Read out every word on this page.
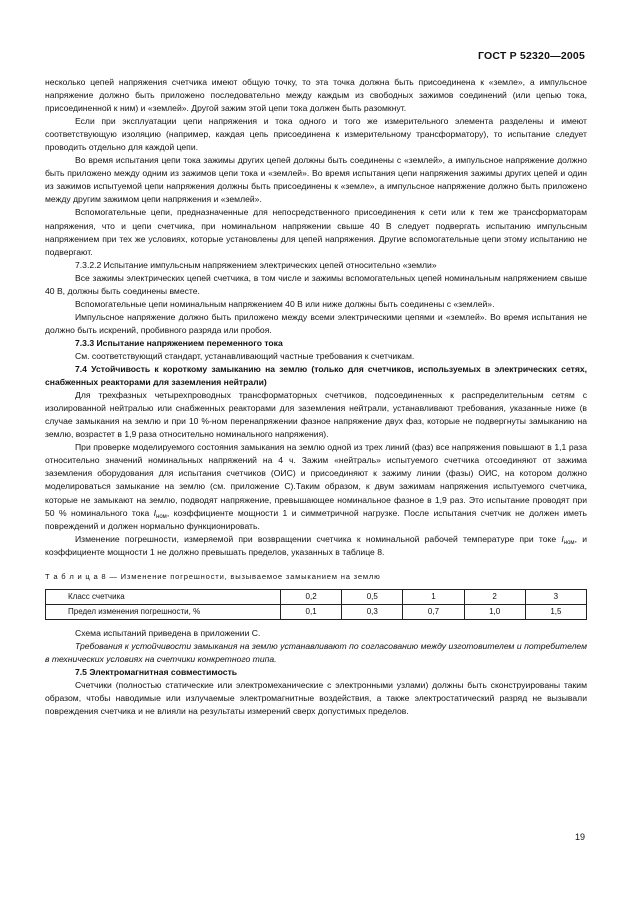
ГОСТ Р 52320—2005

несколько цепей напряжения счетчика имеют общую точку, то эта точка должна быть присоединена к «земле», а импульсное напряжение должно быть приложено последовательно между каждым из свободных зажимов соединений (или цепью тока, присоединенной к ним) и «землей». Другой зажим этой цепи тока должен быть разомкнут.

Если при эксплуатации цепи напряжения и тока одного и того же измерительного элемента разделены и имеют соответствующую изоляцию (например, каждая цепь присоединена к измерительному трансформатору), то испытание следует проводить отдельно для каждой цепи.

Во время испытания цепи тока зажимы других цепей должны быть соединены с «землей», а импульсное напряжение должно быть приложено между одним из зажимов цепи тока и «землей». Во время испытания цепи напряжения зажимы других цепей и один из зажимов испытуемой цепи напряжения должны быть присоединены к «земле», а импульсное напряжение должно быть приложено между другим зажимом цепи напряжения и «землей».

Вспомогательные цепи, предназначенные для непосредственного присоединения к сети или к тем же трансформаторам напряжения, что и цепи счетчика, при номинальном напряжении свыше 40 В следует подвергать испытанию импульсным напряжением при тех же условиях, которые установлены для цепей напряжения. Другие вспомогательные цепи этому испытанию не подвергают.

7.3.2.2 Испытание импульсным напряжением электрических цепей относительно «земли»

Все зажимы электрических цепей счетчика, в том числе и зажимы вспомогательных цепей номинальным напряжением свыше 40 В, должны быть соединены вместе.

Вспомогательные цепи номинальным напряжением 40 В или ниже должны быть соединены с «землей».

Импульсное напряжение должно быть приложено между всеми электрическими цепями и «землей». Во время испытания не должно быть искрений, пробивного разряда или пробоя.

7.3.3 Испытание напряжением переменного тока

См. соответствующий стандарт, устанавливающий частные требования к счетчикам.

7.4 Устойчивость к короткому замыканию на землю (только для счетчиков, используемых в электрических сетях, снабженных реакторами для заземления нейтрали)

Для трехфазных четырехпроводных трансформаторных счетчиков, подсоединенных к распределительным сетям с изолированной нейтралью или снабженных реакторами для заземления нейтрали, устанавливают требования, указанные ниже (в случае замыкания на землю и при 10 %-ном перенапряжении фазное напряжение двух фаз, которые не подвергнуты замыканию на землю, возрастет в 1,9 раза относительно номинального напряжения).

При проверке моделируемого состояния замыкания на землю одной из трех линий (фаз) все напряжения повышают в 1,1 раза относительно значений номинальных напряжений на 4 ч. Зажим «нейтраль» испытуемого счетчика отсоединяют от зажима заземления оборудования для испытания счетчиков (ОИС) и присоединяют к зажиму линии (фазы) ОИС, на котором должно моделироваться замыкание на землю (см. приложение С).Таким образом, к двум зажимам напряжения испытуемого счетчика, которые не замыкают на землю, подводят напряжение, превышающее номинальное фазное в 1,9 раз. Это испытание проводят при 50 % номинального тока $I_{ном}$, коэффициенте мощности 1 и симметричной нагрузке. После испытания счетчик не должен иметь повреждений и должен нормально функционировать.

Изменение погрешности, измеряемой при возвращении счетчика к номинальной рабочей температуре при токе $I_{ном}$, и коэффициенте мощности 1 не должно превышать пределов, указанных в таблице 8.

Т а б л и ц а 8 — Изменение погрешности, вызываемое замыканием на землю

Класс счетчика	0,2	0,5	1	2	3
Предел изменения погрешности, %	0,1	0,3	0,7	1,0	1,5

Схема испытаний приведена в приложении С.

Требования к устойчивости замыкания на землю устанавливают по согласованию между изготовителем и потребителем в технических условиях на счетчики конкретного типа.

7.5 Электромагнитная совместимость

Счетчики (полностью статические или электромеханические с электронными узлами) должны быть сконструированы таким образом, чтобы наводимые или излучаемые электромагнитные воздействия, а также электростатический разряд не вызывали повреждения счетчика и не влияли на результаты измерений сверх допустимых пределов.

19
